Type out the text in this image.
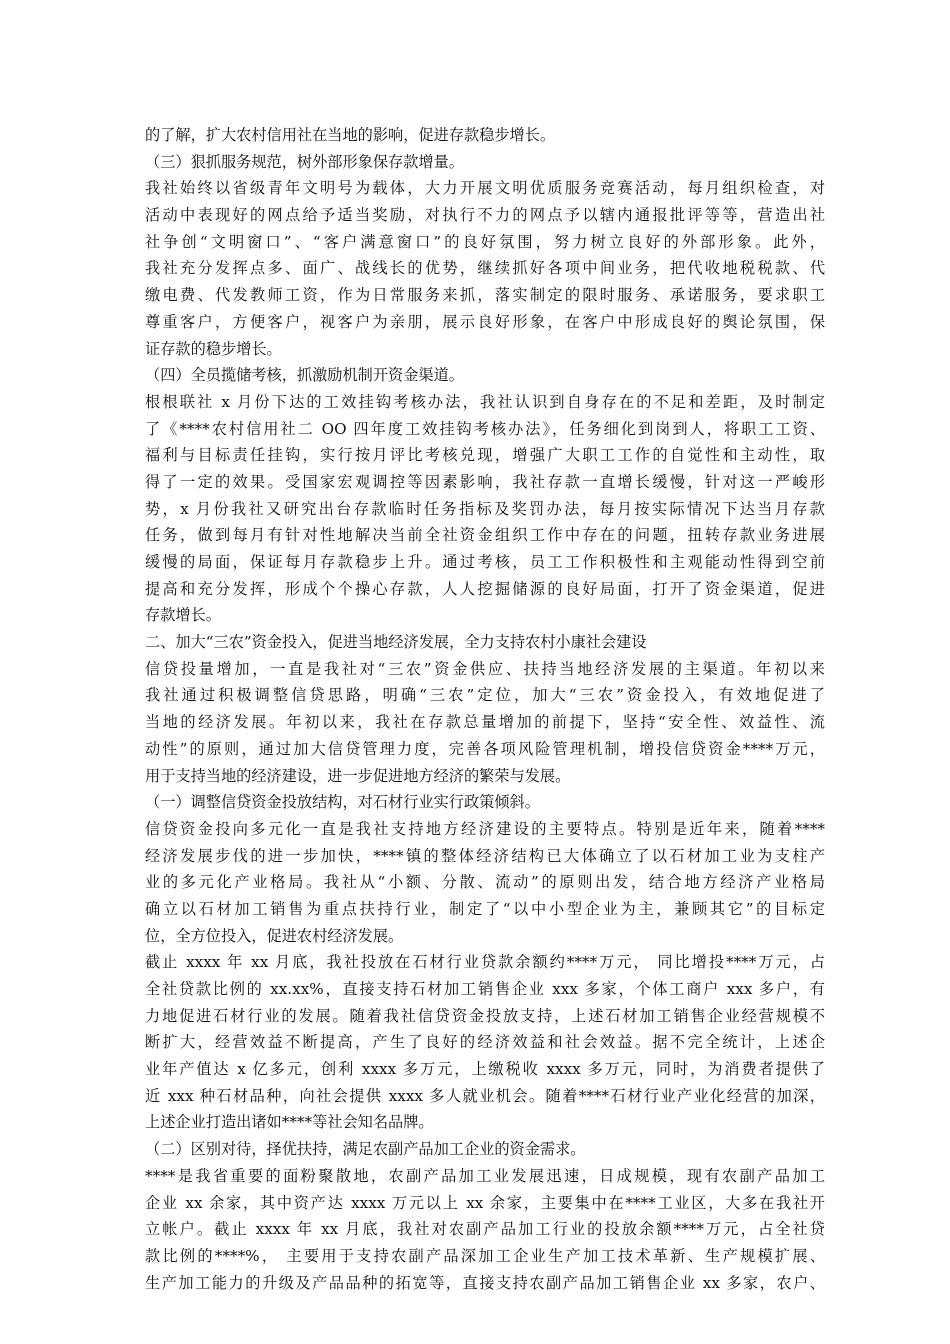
的了解，扩大农村信用社在当地的影响，促进存款稳步增长。
（三）狠抓服务规范，树外部形象保存款增量。
我社始终以省级青年文明号为载体，大力开展文明优质服务竞赛活动，每月组织检查，对
活动中表现好的网点给予适当奖励，对执行不力的网点予以辖内通报批评等等，营造出社
社争创“文明窗口”、“客户满意窗口”的良好氛围，努力树立良好的外部形象。此外，
我社充分发挥点多、面广、战线长的优势，继续抓好各项中间业务，把代收地税税款、代
缴电费、代发教师工资，作为日常服务来抓，落实制定的限时服务、承诺服务，要求职工
尊重客户，方便客户，视客户为亲朋，展示良好形象，在客户中形成良好的舆论氛围，保
证存款的稳步增长。
（四）全员揽储考核，抓激励机制开资金渠道。
根根联社 x 月份下达的工效挂钩考核办法，我社认识到自身存在的不足和差距，及时制定
了《****农村信用社二 OO 四年度工效挂钩考核办法》，任务细化到岗到人，将职工工资、
福利与目标责任挂钩，实行按月评比考核兑现，增强广大职工工作的自觉性和主动性，取
得了一定的效果。受国家宏观调控等因素影响，我社存款一直增长缓慢，针对这一严峻形
势，x 月份我社又研究出台存款临时任务指标及奖罚办法，每月按实际情况下达当月存款
任务，做到每月有针对性地解决当前全社资金组织工作中存在的问题，扭转存款业务进展
缓慢的局面，保证每月存款稳步上升。通过考核，员工工作积极性和主观能动性得到空前
提高和充分发挥，形成个个操心存款，人人挖掘储源的良好局面，打开了资金渠道，促进
存款增长。
二、加大“三农”资金投入，促进当地经济发展，全力支持农村小康社会建设
信贷投量增加，一直是我社对“三农”资金供应、扶持当地经济发展的主渠道。年初以来
我社通过积极调整信贷思路，明确“三农”定位，加大“三农”资金投入，有效地促进了
当地的经济发展。年初以来，我社在存款总量增加的前提下，坚持“安全性、效益性、流
动性”的原则，通过加大信贷管理力度，完善各项风险管理机制，增投信贷资金****万元，
用于支持当地的经济建设，进一步促进地方经济的繁荣与发展。
（一）调整信贷资金投放结构，对石材行业实行政策倾斜。
信贷资金投向多元化一直是我社支持地方经济建设的主要特点。特别是近年来，随着****
经济发展步伐的进一步加快，****镇的整体经济结构已大体确立了以石材加工业为支柱产
业的多元化产业格局。我社从“小额、分散、流动”的原则出发，结合地方经济产业格局
确立以石材加工销售为重点扶持行业，制定了“以中小型企业为主，兼顾其它”的目标定
位，全方位投入，促进农村经济发展。
截止 xxxx 年 xx 月底，我社投放在石材行业贷款余额约****万元， 同比增投****万元，占
全社贷款比例的 xx.xx%，直接支持石材加工销售企业 xxx 多家，个体工商户 xxx 多户，有
力地促进石材行业的发展。随着我社信贷资金投放支持，上述石材加工销售企业经营规模不
断扩大，经营效益不断提高，产生了良好的经济效益和社会效益。据不完全统计，上述企
业年产值达 x 亿多元，创利 xxxx 多万元，上缴税收 xxxx 多万元，同时，为消费者提供了
近 xxx 种石材品种，向社会提供 xxxx 多人就业机会。随着****石材行业产业化经营的加深，
上述企业打造出诸如****等社会知名品牌。
（二）区别对待，择优扶持，满足农副产品加工企业的资金需求。
****是我省重要的面粉聚散地，农副产品加工业发展迅速，日成规模，现有农副产品加工
企业 xx 余家，其中资产达 xxxx 万元以上 xx 余家，主要集中在****工业区，大多在我社开
立帐户。截止 xxxx 年 xx 月底，我社对农副产品加工行业的投放余额****万元，占全社贷
款比例的****%， 主要用于支持农副产品深加工企业生产加工技术革新、生产规模扩展、
生产加工能力的升级及产品品种的拓宽等，直接支持农副产品加工销售企业 xx 多家，农户、
